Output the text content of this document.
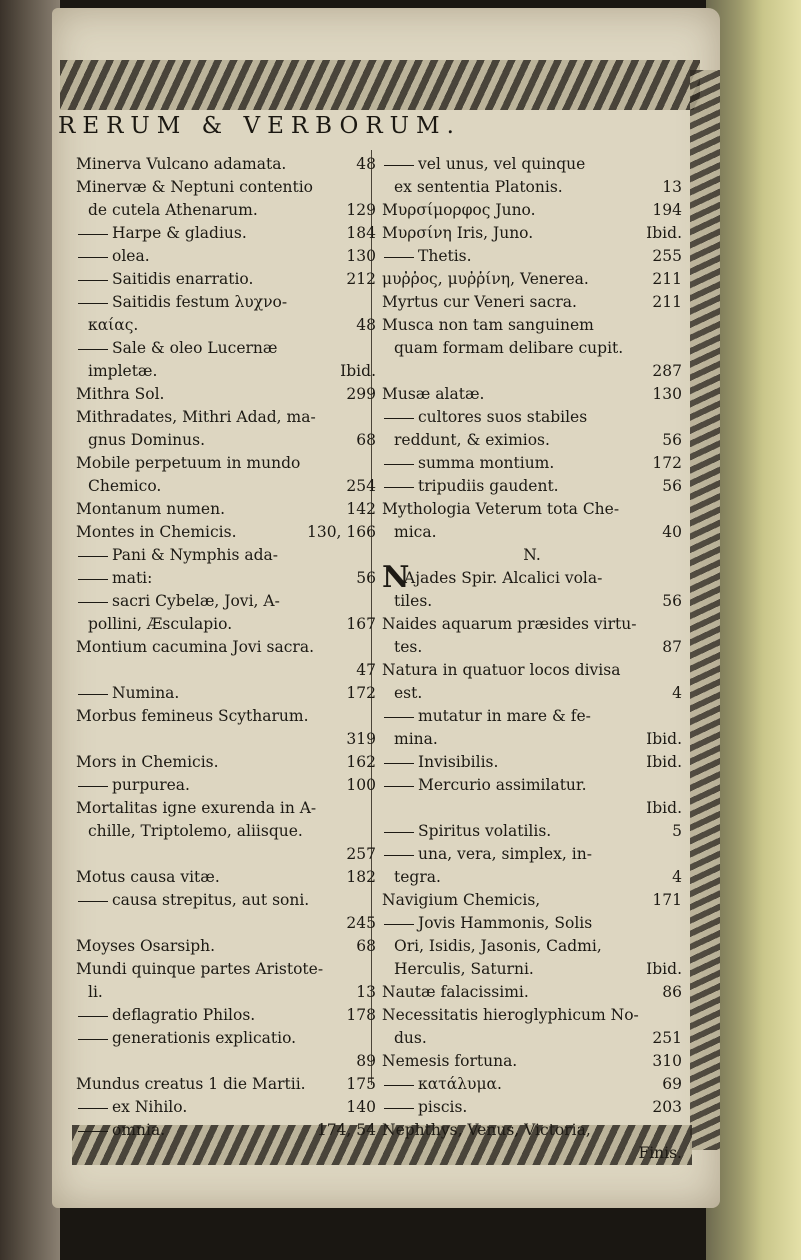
RERUM & VERBORUM.
Minerva Vulcano adamata.	48
Minervæ & Neptuni contentio
de cutela Athenarum.	129
Harpe & gladius.	184
olea.	130
Saitidis enarratio.	212
Saitidis festum λυχνο-
καίας.	48
Sale & oleo Lucernæ
impletæ.	Ibid.
Mithra Sol.	299
Mithradates, Mithri Adad, ma-
gnus Dominus.	68
Mobile perpetuum in mundo
Chemico.	254
Montanum numen.	142
Montes in Chemicis.	130, 166
Pani & Nymphis ada-
mati:	56
sacri Cybelæ, Jovi, A-
pollini, Æsculapio.	167
Montium cacumina Jovi sacra.
47
Numina.	172
Morbus femineus Scytharum.
319
Mors in Chemicis.	162
purpurea.	100
Mortalitas igne exurenda in A-
chille, Triptolemo, aliisque.
257
Motus causa vitæ.	182
causa strepitus, aut soni.
245
Moyses Osarsiph.	68
Mundi quinque partes Aristote-
li.	13
deflagratio Philos.	178
generationis explicatio.
89
Mundus creatus 1 die Martii.	175
ex Nihilo.	140
omnia.	174, 54
vel unus, vel quinque
ex sententia Platonis.	13
Μυρσίμορφος Juno.	194
Μυρσίνη Iris, Juno.	Ibid.
Thetis.	255
μυῤῥος, μυῤῥίνη, Venerea.	211
Myrtus cur Veneri sacra.	211
Musca non tam sanguinem
quam formam delibare cupit.
287
Musæ alatæ.	130
cultores suos stabiles
reddunt, & eximios.	56
summa montium.	172
tripudiis gaudent.	56
Mythologia Veterum tota Che-
mica.	40
N.
N
Ajades Spir. Alcalici vola-
tiles.	56
Naides aquarum præsides virtu-
tes.	87
Natura in quatuor locos divisa
est.	4
mutatur in mare & fe-
mina.	Ibid.
Invisibilis.	Ibid.
Mercurio assimilatur.
Ibid.
Spiritus volatilis.	5
una, vera, simplex, in-
tegra.	4
Navigium Chemicis,	171
Jovis Hammonis, Solis
Ori, Isidis, Jasonis, Cadmi,
Herculis, Saturni.	Ibid.
Nautæ falacissimi.	86
Necessitatis hieroglyphicum No-
dus.	251
Nemesis fortuna.	310
κατάλυμα.	69
piscis.	203
Nephthys, Venus, Victoria,
Finis.
